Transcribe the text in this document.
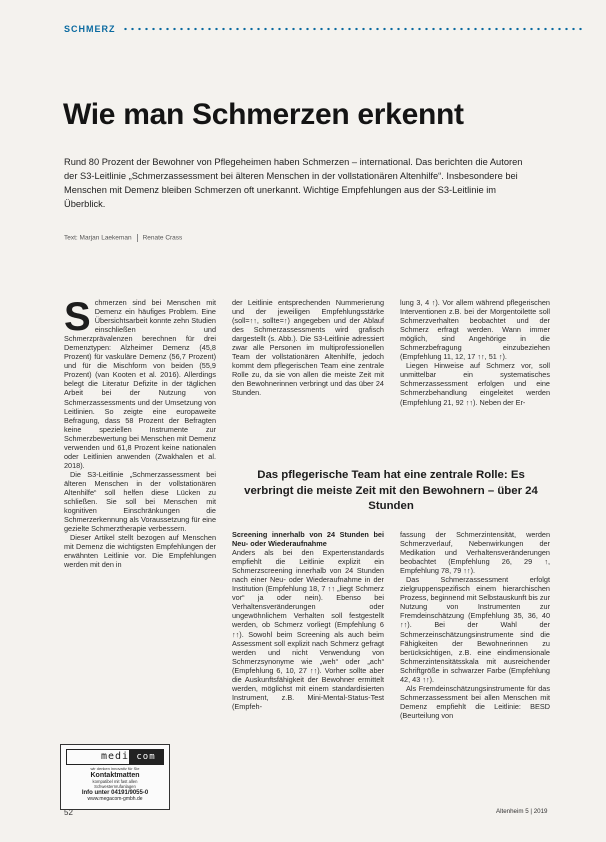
SCHMERZ
Wie man Schmerzen erkennt
Rund 80 Prozent der Bewohner von Pflegeheimen haben Schmerzen – international. Das berichten die Autoren der S3-Leitlinie „Schmerzassessment bei älteren Menschen in der vollstationären Altenhilfe“. Insbesondere bei Menschen mit Demenz bleiben Schmerzen oft unerkannt. Wichtige Empfehlungen aus der S3-Leitlinie im Überblick.
Text: Marjan Laekeman Renate Crass

Schmerzen sind bei Menschen mit Demenz ein häufiges Problem. Eine Übersichtsarbeit konnte zehn Studien einschließen und Schmerzprävalenzen berechnen für drei Demenztypen: Alzheimer Demenz (45,8 Prozent) für vaskuläre Demenz (56,7 Prozent) und für die Mischform von beiden (55,9 Prozent) (van Kooten et al. 2016). Allerdings belegt die Literatur Defizite in der täglichen Arbeit bei der Nutzung von Schmerzassessments und der Umsetzung von Leitlinien. So zeigte eine europaweite Befragung, dass 58 Prozent der Befragten keine speziellen Instrumente zur Schmerzbewertung bei Menschen mit Demenz verwenden und 61,8 Prozent keine nationalen oder Leitlinien anwenden (Zwakhalen et al. 2018).

Die S3-Leitlinie „Schmerzassessment bei älteren Menschen in der vollstationären Altenhilfe“ soll helfen diese Lücken zu schließen. Sie soll bei Menschen mit kognitiven Einschränkungen die Schmerzerkennung als Voraussetzung für eine gezielte Schmerztherapie verbessern.

Dieser Artikel stellt bezogen auf Menschen mit Demenz die wichtigsten Empfehlungen der erwähnten Leitlinie vor. Die Empfehlungen werden mit den in

der Leitlinie entsprechenden Nummerierung und der jeweiligen Empfehlungsstärke (soll=↑↑, sollte=↑) angegeben und der Ablauf des Schmerzassessments wird grafisch dargestellt (s. Abb.). Die S3-Leitlinie adressiert zwar alle Personen im multiprofessionellen Team der vollstationären Altenhilfe, jedoch kommt dem pflegerischen Team eine zentrale Rolle zu, da sie von allen die meiste Zeit mit den Bewohnerinnen verbringt und das über 24 Stunden.

Das pflegerische Team hat eine zentrale Rolle: Es verbringt die meiste Zeit mit den Bewohnern – über 24 Stunden
Screening innerhalb von 24 Stunden bei Neu- oder Wiederaufnahme

Anders als bei den Expertenstandards empfiehlt die Leitlinie explizit ein Schmerzscreening innerhalb von 24 Stunden nach einer Neu- oder Wiederaufnahme in der Institution (Empfehlung 18, 7 ↑↑ „liegt Schmerz vor“ ja oder nein). Ebenso bei Verhaltensveränderungen oder ungewöhnlichem Verhalten soll festgestellt werden, ob Schmerz vorliegt (Empfehlung 6 ↑↑). Sowohl beim Screening als auch beim Assessment soll explizit nach Schmerz gefragt werden und nicht Verwendung von Schmerzsynonyme wie „weh“ oder „ach“ (Empfehlung 6, 10, 27 ↑↑). Vorher sollte aber die Auskunftsfähigkeit der Bewohner ermittelt werden, möglichst mit einem standardisierten Instrument, z.B. Mini-Mental-Status-Test (Empfeh-

lung 3, 4 ↑). Vor allem während pflegerischen Interventionen z.B. bei der Morgentoilette soll Schmerzverhalten beobachtet und der Schmerz erfragt werden. Wann immer möglich, sind Angehörige in die Schmerzbefragung einzubeziehen (Empfehlung 11, 12, 17 ↑↑, 51 ↑).

Liegen Hinweise auf Schmerz vor, soll unmittelbar ein systematisches Schmerzassessment erfolgen und eine Schmerzbehandlung eingeleitet werden (Empfehlung 21, 92 ↑↑). Neben der Er-

fassung der Schmerzintensität, werden Schmerzverlauf, Nebenwirkungen der Medikation und Verhaltensveränderungen beobachtet (Empfehlung 26, 29 ↑, Empfehlung 78, 79 ↑↑).

Das Schmerzassessment erfolgt zielgruppenspezifisch einem hierarchischen Prozess, beginnend mit Selbstauskunft bis zur Nutzung von Instrumenten zur Fremdeinschätzung (Empfehlung 35, 36, 40 ↑↑). Bei der Wahl der Schmerzeinschätzungsinstrumente sind die Fähigkeiten der Bewohnerinnen zu berücksichtigen, z.B. eine eindimensionale Schmerzintensitätsskala mit ausreichender Schriftgröße in schwarzer Farbe (Empfehlung 42, 43 ↑↑).

Als Fremdeinschätzungsinstrumente für das Schmerzassessment bei allen Menschen mit Demenz empfiehlt die Leitlinie: BESD (Beurteilung von

medi com
wir denken innovativ für Sie
Kontaktmatten
kompatibel mit fast allen
Schwesternrufanlagen
Info unter 04191/9055-0
www.megacom-gmbh.de
52	Altenheim 5 | 2019
